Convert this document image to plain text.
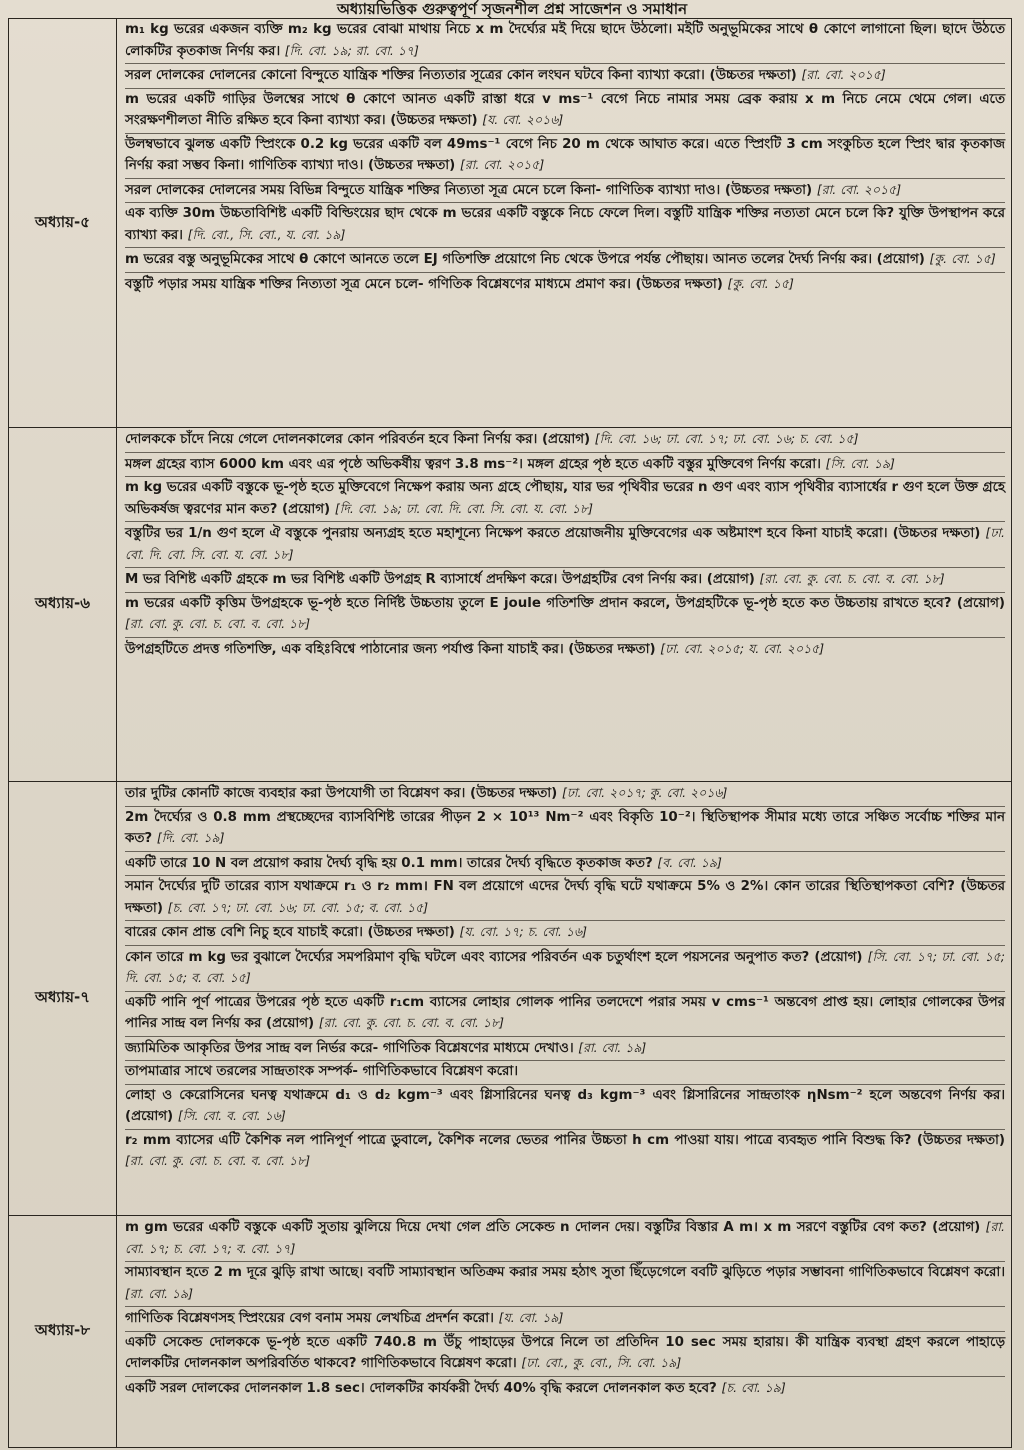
অধ্যায়ভিত্তিক গুরুত্বপূর্ণ সৃজনশীল প্রশ্ন সাজেশন ও সমাধান
অধ্যায়-৫
m₁ kg ভরের একজন ব্যক্তি m₂ kg ভরের বোঝা মাথায় নিচে x m দৈর্ঘ্যের মই দিয়ে ছাদে উঠলো। মইটি অনুভূমিকের সাথে θ কোণে লাগানো ছিল। ছাদে উঠতে লোকটির কৃতকাজ নির্ণয় কর। [দি. বো. ১৯; রা. বো. ১৭]
সরল দোলকের দোলনের কোনো বিন্দুতে যান্ত্রিক শক্তির নিত্যতার সূত্রের কোন লংঘন ঘটবে কিনা ব্যাখ্যা করো। (উচ্চতর দক্ষতা) [রা. বো. ২০১৫]
m ভরের একটি গাড়ির উলম্বের সাথে θ কোণে আনত একটি রাস্তা ধরে v ms⁻¹ বেগে নিচে নামার সময় ব্রেক করায় x m নিচে নেমে থেমে গেল। এতে সংরক্ষণশীলতা নীতি রক্ষিত হবে কিনা ব্যাখ্যা কর। (উচ্চতর দক্ষতা) [য. বো. ২০১৬]
উলম্বভাবে ঝুলন্ত একটি স্প্রিংকে 0.2 kg ভরের একটি বল 49ms⁻¹ বেগে নিচ 20 m থেকে আঘাত করে। এতে স্প্রিংটি 3 cm সংকুচিত হলে স্প্রিং দ্বার কৃতকাজ নির্ণয় করা সম্ভব কিনা। গাণিতিক ব্যাখ্যা দাও। (উচ্চতর দক্ষতা) [রা. বো. ২০১৫]
সরল দোলকের দোলনের সময় বিভিন্ন বিন্দুতে যান্ত্রিক শক্তির নিত্যতা সূত্র মেনে চলে কিনা- গাণিতিক ব্যাখ্যা দাও। (উচ্চতর দক্ষতা) [রা. বো. ২০১৫]
এক ব্যক্তি 30m উচ্চতাবিশিষ্ট একটি বিল্ডিংয়ের ছাদ থেকে m ভরের একটি বস্তুকে নিচে ফেলে দিল। বস্তুটি যান্ত্রিক শক্তির নত্যতা মেনে চলে কি? যুক্তি উপস্থাপন করে ব্যাখ্যা কর। [দি. বো., সি. বো., য. বো. ১৯]
m ভরের বস্তু অনুভূমিকের সাথে θ কোণে আনতে তলে EJ গতিশক্তি প্রয়োগে নিচ থেকে উপরে পর্যন্ত পৌছায়। আনত তলের দৈর্ঘ্য নির্ণয় কর। (প্রয়োগ) [কু. বো. ১৫]
বস্তুটি পড়ার সময় যান্ত্রিক শক্তির নিত্যতা সূত্র মেনে চলে- গণিতিক বিশ্লেষণের মাধ্যমে প্রমাণ কর। (উচ্চতর দক্ষতা) [কু. বো. ১৫]
অধ্যায়-৬
দোলককে চাঁদে নিয়ে গেলে দোলনকালের কোন পরিবর্তন হবে কিনা নির্ণয় কর। (প্রয়োগ) [দি. বো. ১৬; ঢা. বো. ১৭; ঢা. বো. ১৬; চ. বো. ১৫]
মঙ্গল গ্রহের ব্যাস 6000 km এবং এর পৃষ্ঠে অভিকর্ষীয় ত্বরণ 3.8 ms⁻²। মঙ্গল গ্রহের পৃষ্ঠ হতে একটি বস্তুর মুক্তিবেগ নির্ণয় করো। [সি. বো. ১৯]
m kg ভরের একটি বস্তুকে ভূ-পৃষ্ঠ হতে মুক্তিবেগে নিক্ষেপ করায় অন্য গ্রহে পৌছায়, যার ভর পৃথিবীর ভরের n গুণ এবং ব্যাস পৃথিবীর ব্যাসার্ধের r গুণ হলে উক্ত গ্রহে অভিকর্ষজ ত্বরণের মান কত? (প্রয়োগ) [দি. বো. ১৯; ঢা. বো. দি. বো. সি. বো. য. বো. ১৮]
বস্তুটির ভর 1/n গুণ হলে ঐ বস্তুকে পুনরায় অন্যগ্রহ হতে মহাশূন্যে নিক্ষেপ করতে প্রয়োজনীয় মুক্তিবেগের এক অষ্টমাংশ হবে কিনা যাচাই করো। (উচ্চতর দক্ষতা) [ঢা. বো. দি. বো. সি. বো. য. বো. ১৮]
M ভর বিশিষ্ট একটি গ্রহকে m ভর বিশিষ্ট একটি উপগ্রহ R ব্যাসার্ধে প্রদক্ষিণ করে। উপগ্রহটির বেগ নির্ণয় কর। (প্রয়োগ) [রা. বো. কু. বো. চ. বো. ব. বো. ১৮]
m ভরের একটি কৃত্তিম উপগ্রহকে ভূ-পৃষ্ঠ হতে নির্দিষ্ট উচ্চতায় তুলে E joule গতিশক্তি প্রদান করলে, উপগ্রহটিকে ভূ-পৃষ্ঠ হতে কত উচ্চতায় রাখতে হবে? (প্রয়োগ) [রা. বো. কু. বো. চ. বো. ব. বো. ১৮]
উপগ্রহটিতে প্রদত্ত গতিশক্তি, এক বহিঃবিশ্বে পাঠানোর জন্য পর্যাপ্ত কিনা যাচাই কর। (উচ্চতর দক্ষতা) [ঢা. বো. ২০১৫; য. বো. ২০১৫]
অধ্যায়-৭
তার দুটির কোনটি কাজে ব্যবহার করা উপযোগী তা বিশ্লেষণ কর। (উচ্চতর দক্ষতা) [ঢা. বো. ২০১৭; কু. বো. ২০১৬]
2m দৈর্ঘ্যের ও 0.8 mm প্রস্থচ্ছেদের ব্যাসবিশিষ্ট তারের পীড়ন 2 × 10¹³ Nm⁻² এবং বিকৃতি 10⁻²। স্থিতিস্থাপক সীমার মধ্যে তারে সঞ্চিত সর্বোচ্চ শক্তির মান কত? [দি. বো. ১৯]
একটি তারে 10 N বল প্রয়োগ করায় দৈর্ঘ্য বৃদ্ধি হয় 0.1 mm। তারের দৈর্ঘ্য বৃদ্ধিতে কৃতকাজ কত? [ব. বো. ১৯]
সমান দৈর্ঘ্যের দুটি তারের ব্যাস যথাক্রমে r₁ ও r₂ mm। FN বল প্রয়োগে এদের দৈর্ঘ্য বৃদ্ধি ঘটে যথাক্রমে 5% ও 2%। কোন তারের স্থিতিস্থাপকতা বেশি? (উচ্চতর দক্ষতা) [চ. বো. ১৭; ঢা. বো. ১৬; ঢা. বো. ১৫; ব. বো. ১৫]
বারের কোন প্রান্ত বেশি নিচু হবে যাচাই করো। (উচ্চতর দক্ষতা) [য. বো. ১৭; চ. বো. ১৬]
কোন তারে m kg ভর বুঝালে দৈর্ঘ্যের সমপরিমাণ বৃদ্ধি ঘটলে এবং ব্যাসের পরিবর্তন এক চতুর্থাংশ হলে পয়সনের অনুপাত কত? (প্রয়োগ) [সি. বো. ১৭; ঢা. বো. ১৫; দি. বো. ১৫; ব. বো. ১৫]
একটি পানি পূর্ণ পাত্রের উপরের পৃষ্ঠ হতে একটি r₁cm ব্যাসের লোহার গোলক পানির তলদেশে পরার সময় v cms⁻¹ অন্তবেগ প্রাপ্ত হয়। লোহার গোলকের উপর পানির সান্দ্র বল নির্ণয় কর (প্রয়োগ) [রা. বো. কু. বো. চ. বো. ব. বো. ১৮]
জ্যামিতিক আকৃতির উপর সান্দ্র বল নির্ভর করে- গাণিতিক বিশ্লেষণের মাধ্যমে দেখাও। [রা. বো. ১৯]
তাপমাত্রার সাথে তরলের সান্দ্রতাংক সম্পর্ক- গাণিতিকভাবে বিশ্লেষণ করো।
লোহা ও কেরোসিনের ঘনত্ব যথাক্রমে d₁ ও d₂ kgm⁻³ এবং গ্লিসারিনের ঘনত্ব d₃ kgm⁻³ এবং গ্লিসারিনের সান্দ্রতাংক ηNsm⁻² হলে অন্তবেগ নির্ণয় কর। (প্রয়োগ) [সি. বো. ব. বো. ১৬]
r₂ mm ব্যাসের এটি কৈশিক নল পানিপূর্ণ পাত্রে ডুবালে, কৈশিক নলের ভেতর পানির উচ্চতা h cm পাওয়া যায়। পাত্রে ব্যবহৃত পানি বিশুদ্ধ কি? (উচ্চতর দক্ষতা) [রা. বো. কু. বো. চ. বো. ব. বো. ১৮]
অধ্যায়-৮
m gm ভরের একটি বস্তুকে একটি সুতায় ঝুলিয়ে দিয়ে দেখা গেল প্রতি সেকেন্ড n দোলন দেয়। বস্তুটির বিস্তার A m। x m সরণে বস্তুটির বেগ কত? (প্রয়োগ) [রা. বো. ১৭; চ. বো. ১৭; ব. বো. ১৭]
সাম্যাবস্থান হতে 2 m দূরে ঝুড়ি রাখা আছে। ববটি সাম্যাবস্থান অতিক্রম করার সময় হঠাৎ সুতা ছিঁড়েগেলে ববটি ঝুড়িতে পড়ার সম্ভাবনা গাণিতিকভাবে বিশ্লেষণ করো। [রা. বো. ১৯]
গাণিতিক বিশ্লেষণসহ স্প্রিংয়ের বেগ বনাম সময় লেখচিত্র প্রদর্শন করো। [য. বো. ১৯]
একটি সেকেন্ড দোলককে ভূ-পৃষ্ঠ হতে একটি 740.8 m উঁচু পাহাড়ের উপরে নিলে তা প্রতিদিন 10 sec সময় হারায়। কী যান্ত্রিক ব্যবস্থা গ্রহণ করলে পাহাড়ে দোলকটির দোলনকাল অপরিবর্তিত থাকবে? গাণিতিকভাবে বিশ্লেষণ করো। [ঢা. বো., কু. বো., সি. বো. ১৯]
একটি সরল দোলকের দোলনকাল 1.8 sec। দোলকটির কার্যকরী দৈর্ঘ্য 40% বৃদ্ধি করলে দোলনকাল কত হবে? [চ. বো. ১৯]
